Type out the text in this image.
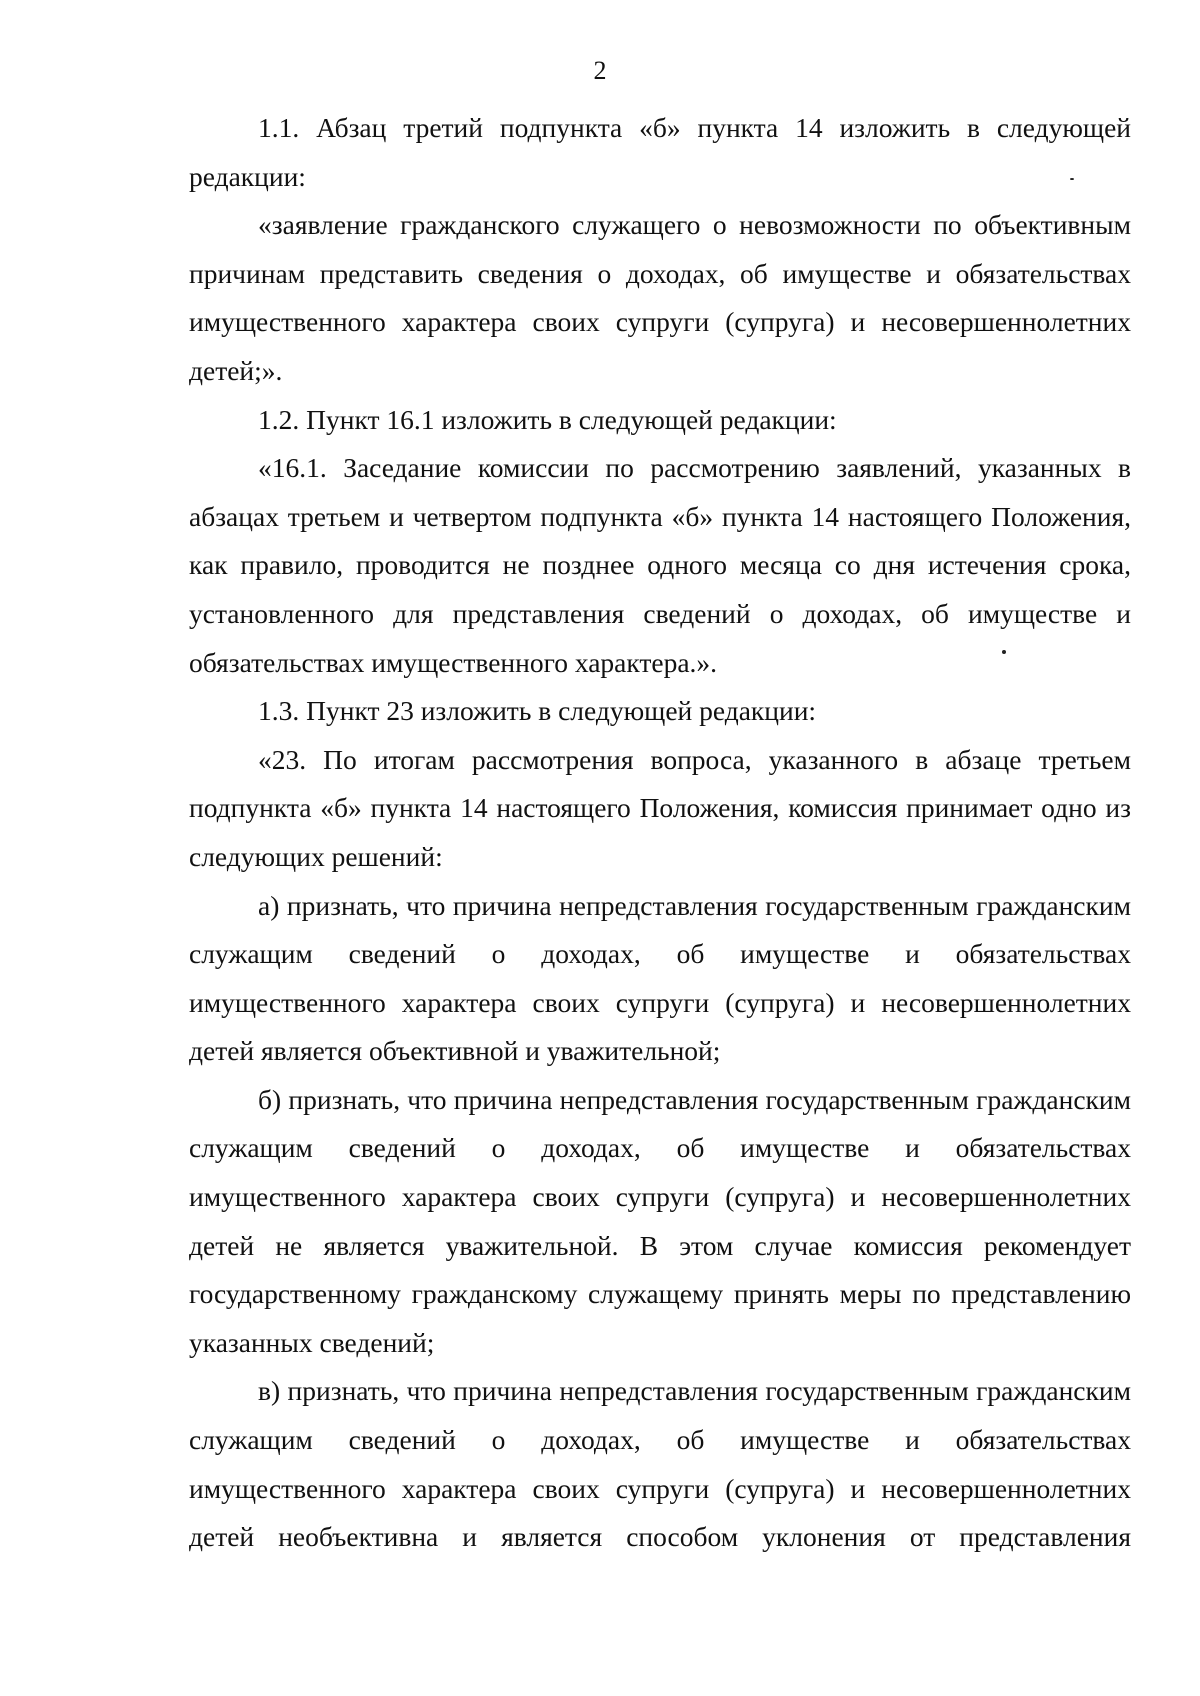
2

1.1. Абзац третий подпункта «б» пункта 14 изложить в следующей редакции:

«заявление гражданского служащего о невозможности по объективным причинам представить сведения о доходах, об имуществе и обязательствах имущественного характера своих супруги (супруга) и несовершеннолетних детей;».

1.2. Пункт 16.1 изложить в следующей редакции:

«16.1. Заседание комиссии по рассмотрению заявлений, указанных в абзацах третьем и четвертом подпункта «б» пункта 14 настоящего Положения, как правило, проводится не позднее одного месяца со дня истечения срока, установленного для представления сведений о доходах, об имуществе и обязательствах имущественного характера.».

1.3. Пункт 23 изложить в следующей редакции:

«23. По итогам рассмотрения вопроса, указанного в абзаце третьем подпункта «б» пункта 14 настоящего Положения, комиссия принимает одно из следующих решений:

а) признать, что причина непредставления государственным гражданским служащим сведений о доходах, об имуществе и обязательствах имущественного характера своих супруги (супруга) и несовершеннолетних детей является объективной и уважительной;

б) признать, что причина непредставления государственным гражданским служащим сведений о доходах, об имуществе и обязательствах имущественного характера своих супруги (супруга) и несовершеннолетних детей не является уважительной. В этом случае комиссия рекомендует государственному гражданскому служащему принять меры по представлению указанных сведений;

в) признать, что причина непредставления государственным гражданским служащим сведений о доходах, об имуществе и обязательствах имущественного характера своих супруги (супруга) и несовершеннолетних детей необъективна и является способом уклонения от представления
